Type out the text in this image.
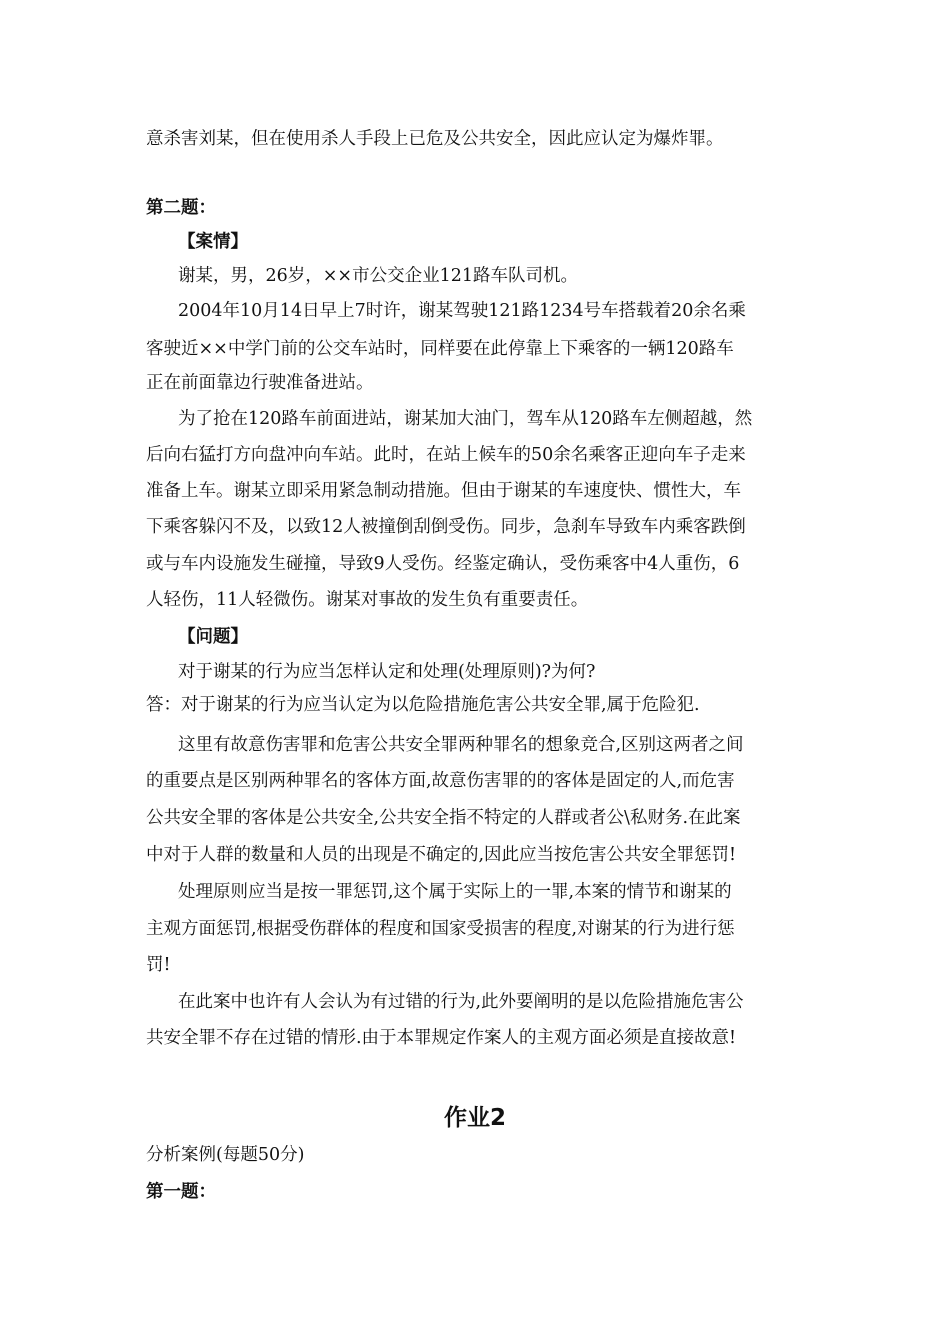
意杀害刘某，但在使用杀人手段上已危及公共安全，因此应认定为爆炸罪。
第二题：
【案情】
谢某，男，26岁，××市公交企业121路车队司机。
2004年10月14日早上7时许，谢某驾驶121路1234号车搭载着20余名乘
客驶近××中学门前的公交车站时，同样要在此停靠上下乘客的一辆120路车
正在前面靠边行驶准备进站。
为了抢在120路车前面进站，谢某加大油门，驾车从120路车左侧超越，然
后向右猛打方向盘冲向车站。此时，在站上候车的50余名乘客正迎向车子走来
准备上车。谢某立即采用紧急制动措施。但由于谢某的车速度快、惯性大，车
下乘客躲闪不及，以致12人被撞倒刮倒受伤。同步，急刹车导致车内乘客跌倒
或与车内设施发生碰撞，导致9人受伤。经鉴定确认，受伤乘客中4人重伤，6
人轻伤，11人轻微伤。谢某对事故的发生负有重要责任。
【问题】
对于谢某的行为应当怎样认定和处理(处理原则)?为何?
答：对于谢某的行为应当认定为以危险措施危害公共安全罪,属于危险犯.
这里有故意伤害罪和危害公共安全罪两种罪名的想象竞合,区别这两者之间
的重要点是区别两种罪名的客体方面,故意伤害罪的的客体是固定的人,而危害
公共安全罪的客体是公共安全,公共安全指不特定的人群或者公\私财务.在此案
中对于人群的数量和人员的出现是不确定的,因此应当按危害公共安全罪惩罚!
处理原则应当是按一罪惩罚,这个属于实际上的一罪,本案的情节和谢某的
主观方面惩罚,根据受伤群体的程度和国家受损害的程度,对谢某的行为进行惩
罚!
在此案中也许有人会认为有过错的行为,此外要阐明的是以危险措施危害公
共安全罪不存在过错的情形.由于本罪规定作案人的主观方面必须是直接故意!
作业2
分析案例(每题50分)
第一题：
